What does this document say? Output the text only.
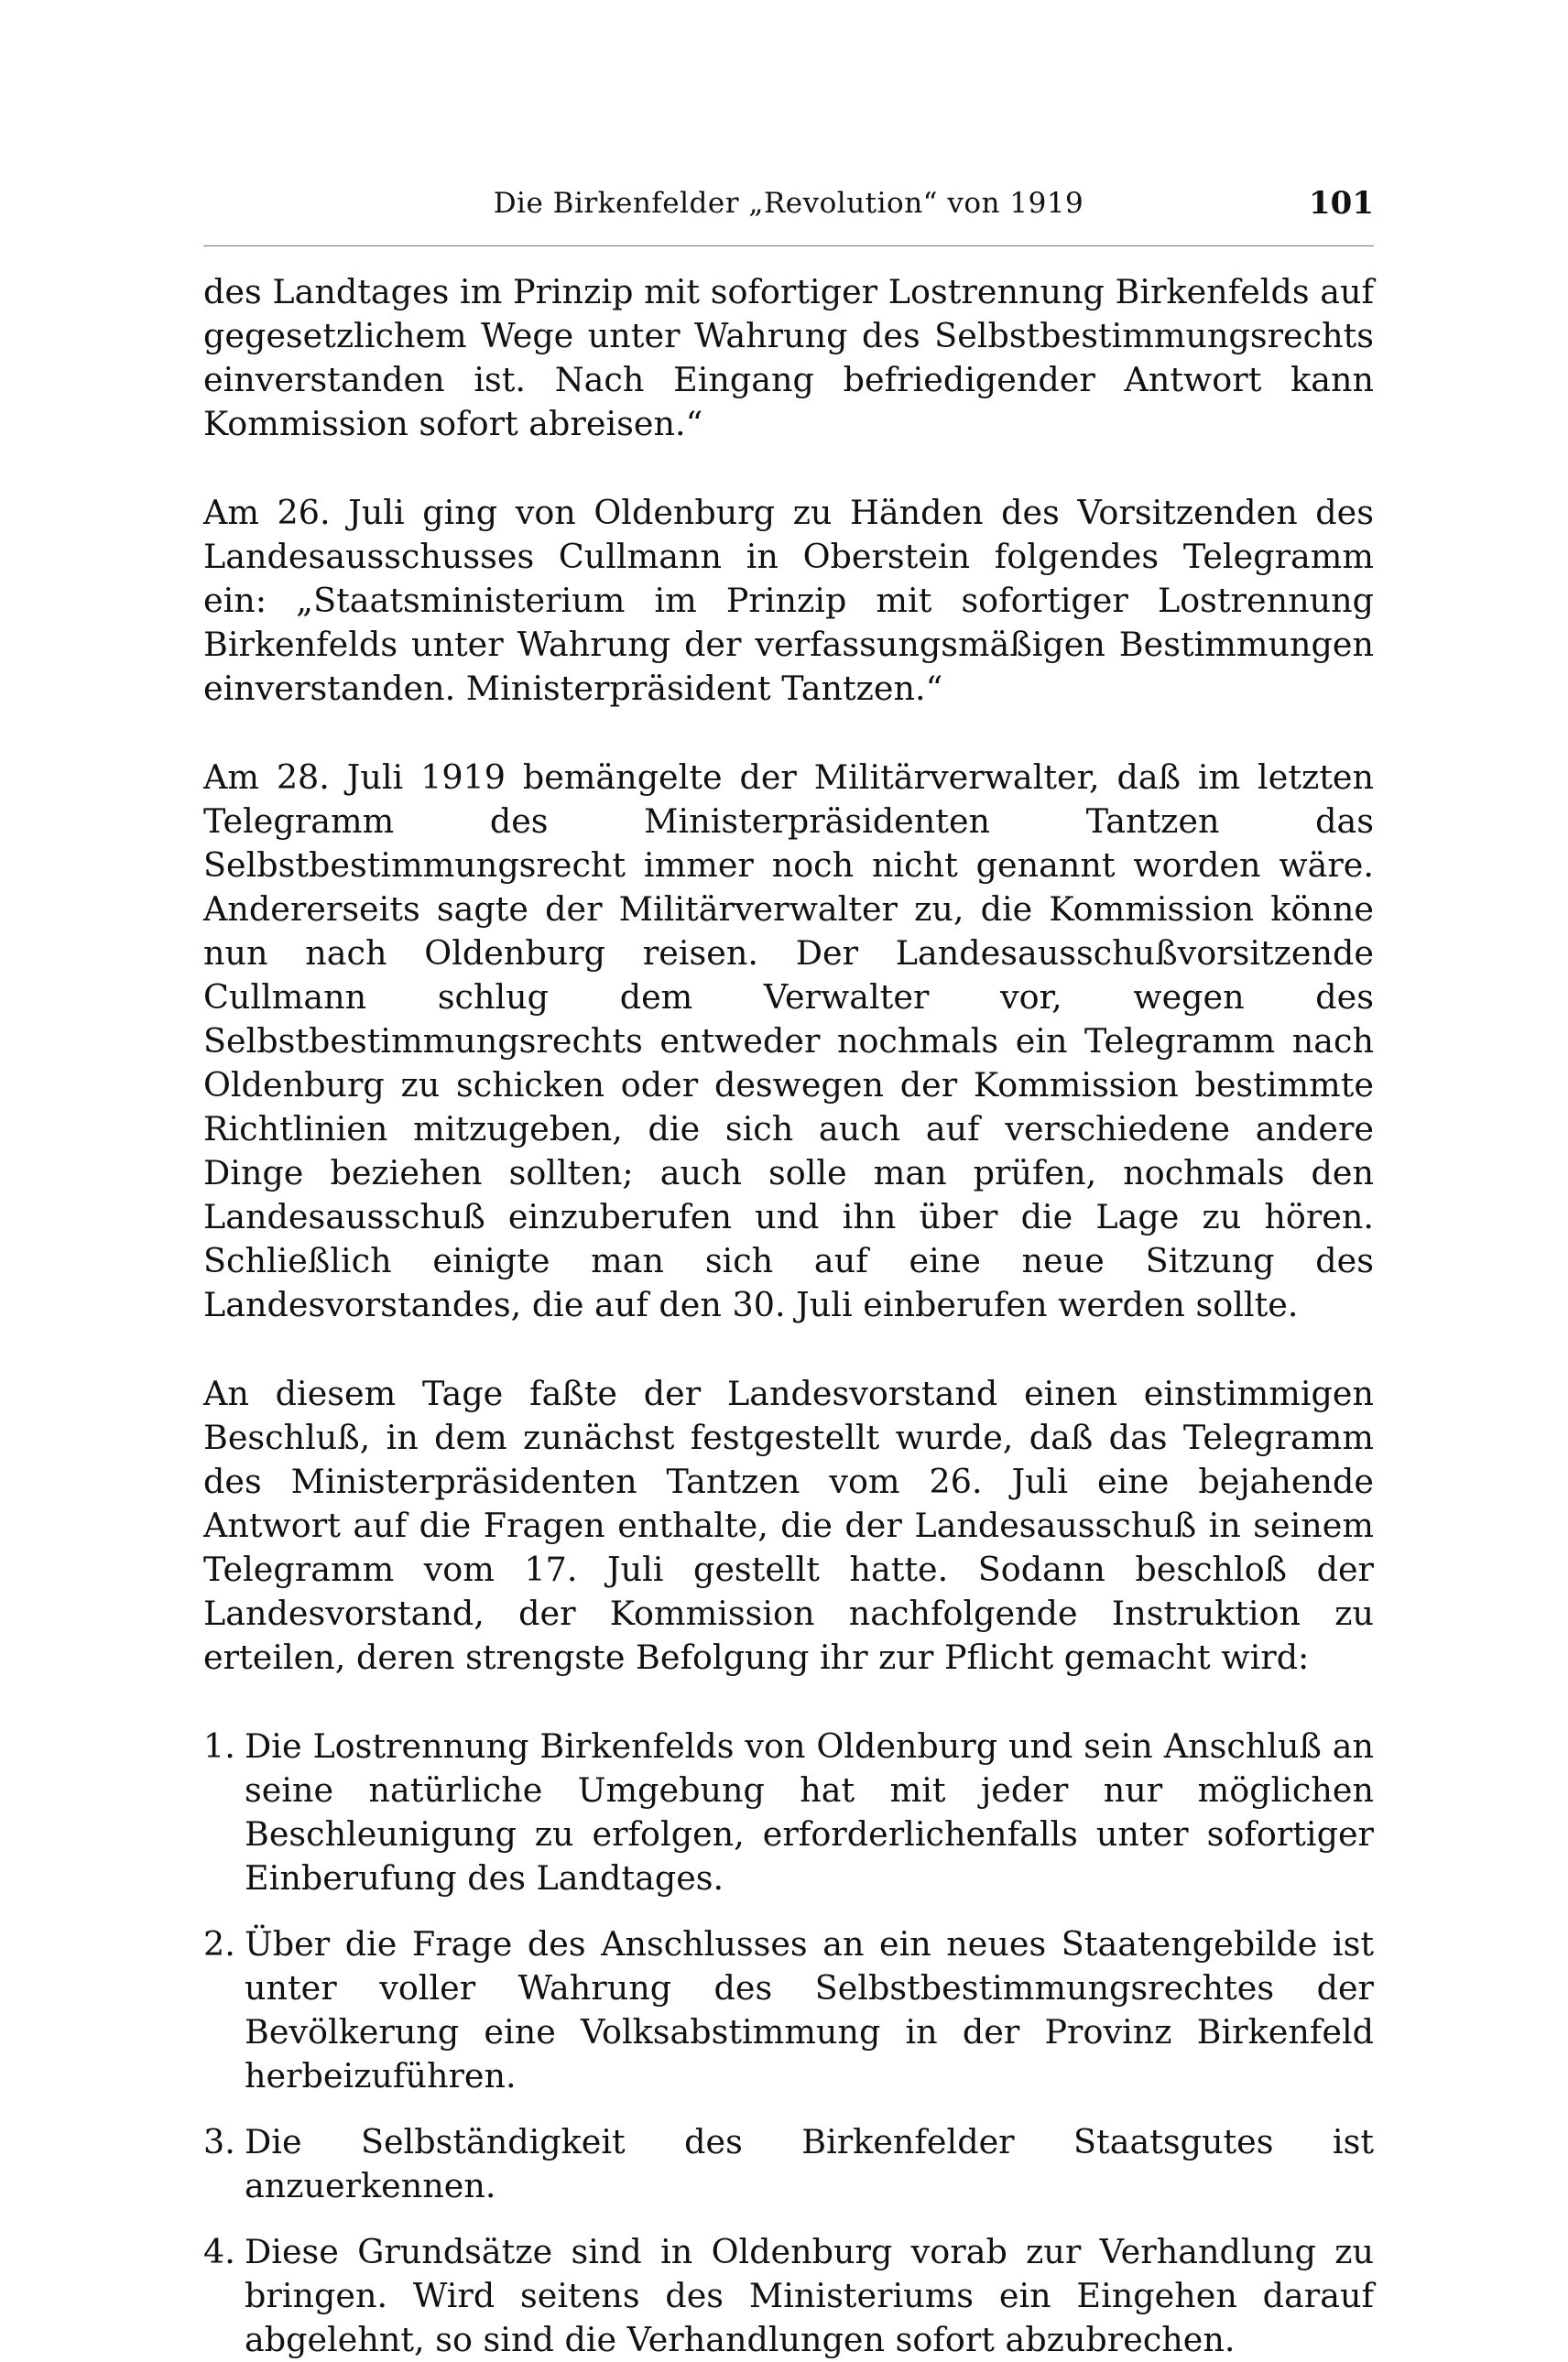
Die Birkenfelder „Revolution“ von 1919	101

des Landtages im Prinzip mit sofortiger Lostrennung Birkenfelds auf gegesetzlichem Wege unter Wahrung des Selbstbestimmungsrechts einverstanden ist. Nach Eingang befriedigender Antwort kann Kommission sofort abreisen.“

Am 26. Juli ging von Oldenburg zu Händen des Vorsitzenden des Landesausschusses Cullmann in Oberstein folgendes Telegramm ein: „Staatsministerium im Prinzip mit sofortiger Lostrennung Birkenfelds unter Wahrung der verfassungsmäßigen Bestimmungen einverstanden. Ministerpräsident Tantzen.“

Am 28. Juli 1919 bemängelte der Militärverwalter, daß im letzten Telegramm des Ministerpräsidenten Tantzen das Selbstbestimmungsrecht immer noch nicht genannt worden wäre. Andererseits sagte der Militärverwalter zu, die Kommission könne nun nach Oldenburg reisen. Der Landesausschußvorsitzende Cullmann schlug dem Verwalter vor, wegen des Selbstbestimmungsrechts entweder nochmals ein Telegramm nach Oldenburg zu schicken oder deswegen der Kommission bestimmte Richtlinien mitzugeben, die sich auch auf verschiedene andere Dinge beziehen sollten; auch solle man prüfen, nochmals den Landesausschuß einzuberufen und ihn über die Lage zu hören. Schließlich einigte man sich auf eine neue Sitzung des Landesvorstandes, die auf den 30. Juli einberufen werden sollte.

An diesem Tage faßte der Landesvorstand einen einstimmigen Beschluß, in dem zunächst festgestellt wurde, daß das Telegramm des Ministerpräsidenten Tantzen vom 26. Juli eine bejahende Antwort auf die Fragen enthalte, die der Landesausschuß in seinem Telegramm vom 17. Juli gestellt hatte. Sodann beschloß der Landesvorstand, der Kommission nachfolgende Instruktion zu erteilen, deren strengste Befolgung ihr zur Pflicht gemacht wird:

1. Die Lostrennung Birkenfelds von Oldenburg und sein Anschluß an seine natürliche Umgebung hat mit jeder nur möglichen Beschleunigung zu erfolgen, erforderlichenfalls unter sofortiger Einberufung des Landtages.
2. Über die Frage des Anschlusses an ein neues Staatengebilde ist unter voller Wahrung des Selbstbestimmungsrechtes der Bevölkerung eine Volksabstimmung in der Provinz Birkenfeld herbeizuführen.
3. Die Selbständigkeit des Birkenfelder Staatsgutes ist anzuerkennen.
4. Diese Grundsätze sind in Oldenburg vorab zur Verhandlung zu bringen. Wird seitens des Ministeriums ein Eingehen darauf abgelehnt, so sind die Verhandlungen sofort abzubrechen.
